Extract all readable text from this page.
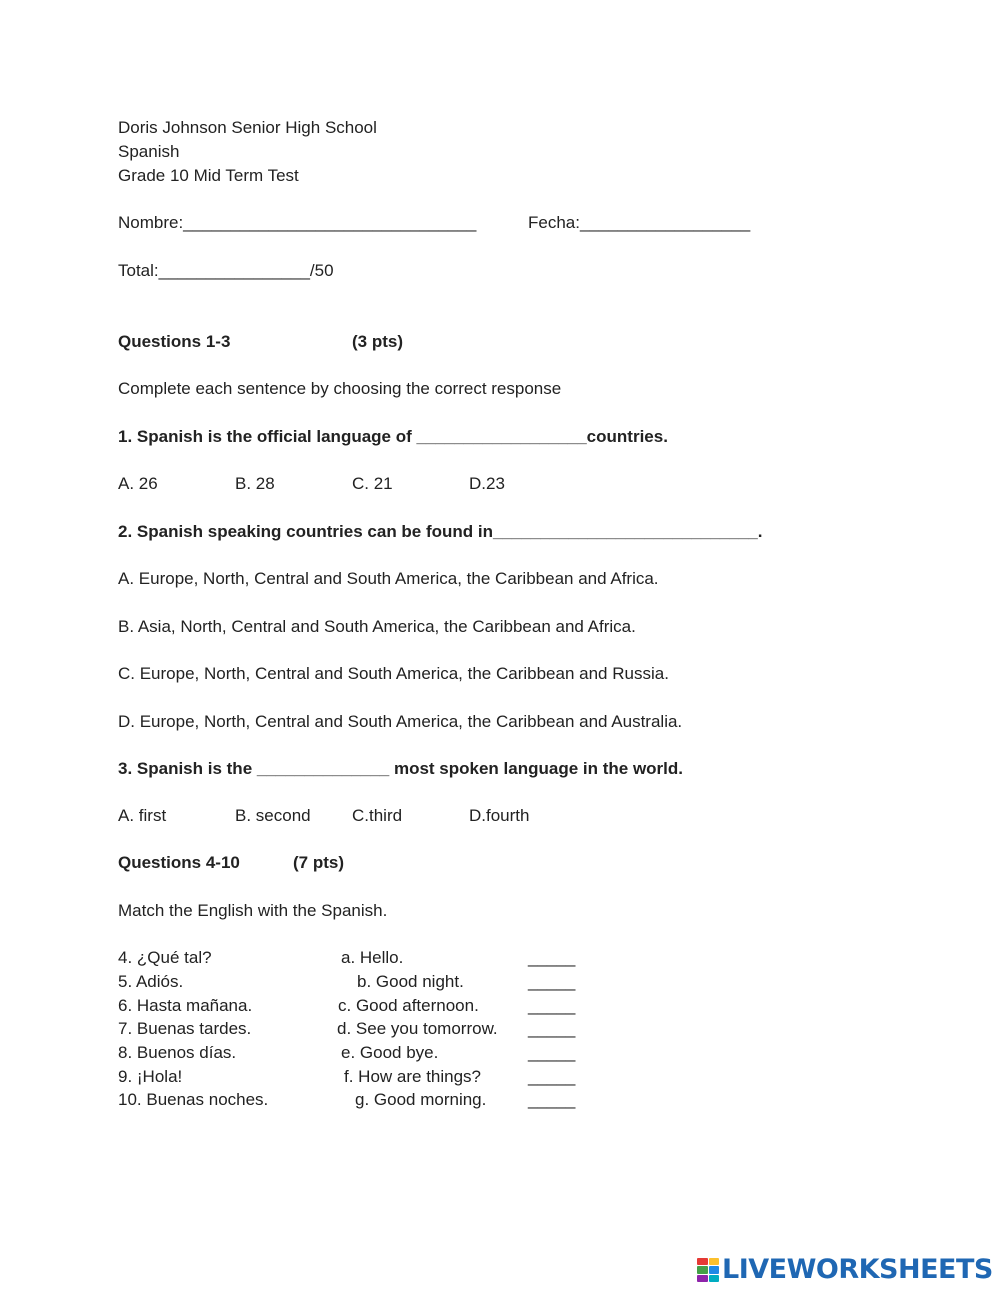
Doris Johnson Senior High School
Spanish
Grade 10 Mid Term Test
Nombre:_______________________________	Fecha:__________________
Total:________________/50
Questions 1-3	(3 pts)
Complete each sentence by choosing the correct response
1. Spanish is the official language of __________________countries.
A. 26	B. 28	C. 21	D.23
2. Spanish speaking countries can be found in____________________________.
A. Europe, North, Central and South America, the Caribbean and Africa.
B. Asia, North, Central and South America, the Caribbean and Africa.
C. Europe, North, Central and South America, the Caribbean and Russia.
D. Europe, North, Central and South America, the Caribbean and Australia.
3. Spanish is the ______________ most spoken language in the world.
A. first	B. second C.third	D.fourth
Questions 4-10	(7 pts)
Match the English with the Spanish.
4. ¿Qué tal?	a. Hello.	_____
5. Adiós.	b. Good night.	_____
6. Hasta mañana.	c. Good afternoon.	_____
7. Buenas tardes.	d. See you tomorrow. _____
8. Buenos días.	e. Good bye.	_____
9. ¡Hola!	f. How are things?	_____
10. Buenas noches.	g. Good morning. _____
LIVEWORKSHEETS
